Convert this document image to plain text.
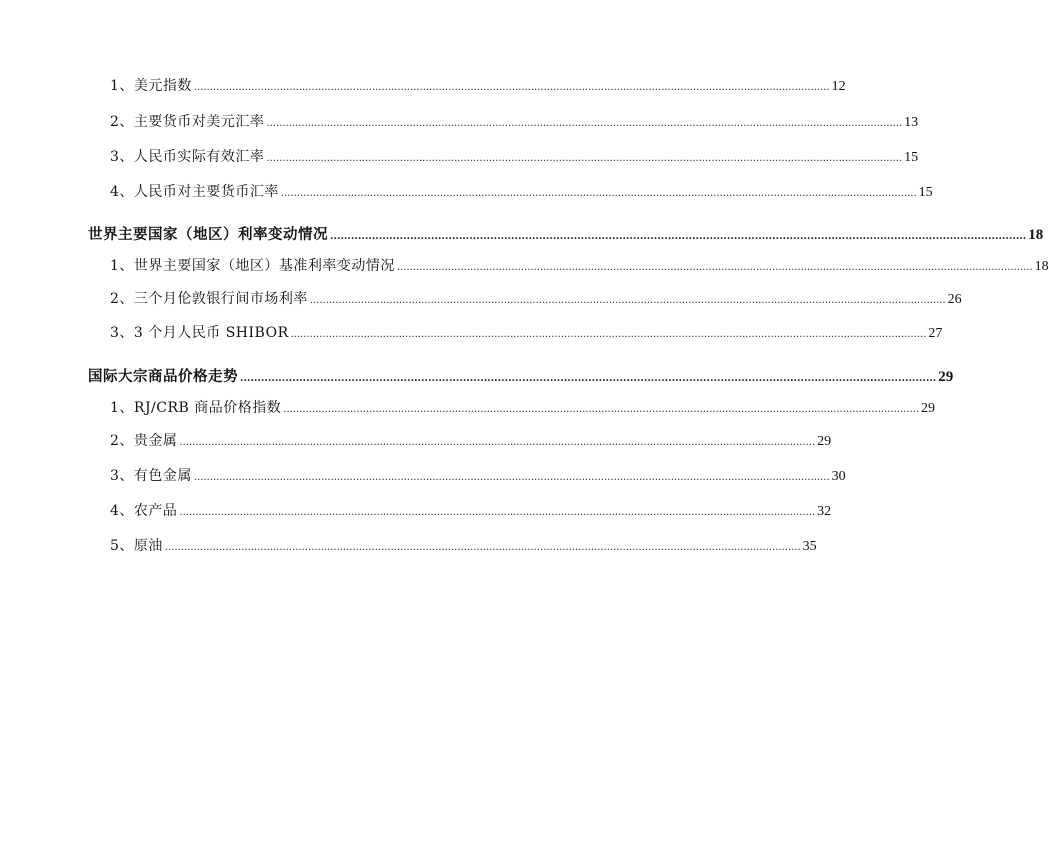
1、美元指数 ........................................................................................................................................................................................................ 12
2、主要货币对美元汇率 ........................................................................................................................................................................................................ 13
3、人民币实际有效汇率 ........................................................................................................................................................................................................ 15
4、人民币对主要货币汇率 ........................................................................................................................................................................................................ 15
世界主要国家（地区）利率变动情况 ........................................................................................................................................................................................................ 18
1、世界主要国家（地区）基准利率变动情况 ........................................................................................................................................................................................................ 18
2、三个月伦敦银行间市场利率 ........................................................................................................................................................................................................ 26
3、3 个月人民币 SHIBOR ........................................................................................................................................................................................................ 27
国际大宗商品价格走势 ........................................................................................................................................................................................................ 29
1、RJ/CRB 商品价格指数 ........................................................................................................................................................................................................ 29
2、贵金属 ........................................................................................................................................................................................................ 29
3、有色金属 ........................................................................................................................................................................................................ 30
4、农产品 ........................................................................................................................................................................................................ 32
5、原油 ........................................................................................................................................................................................................ 35
